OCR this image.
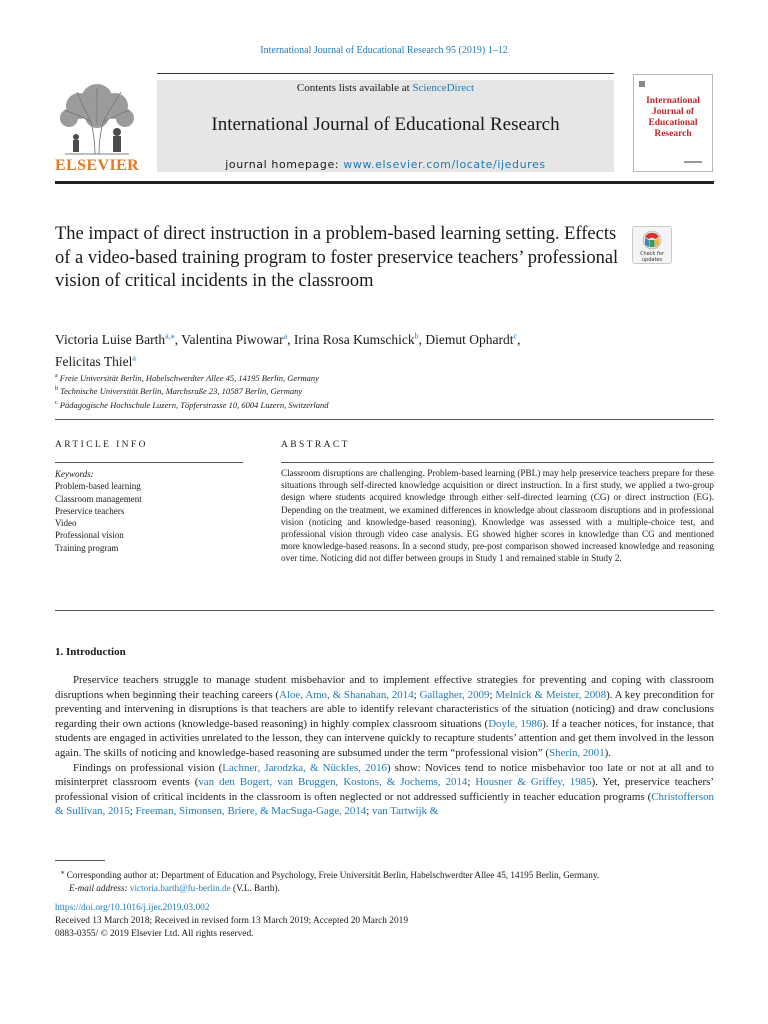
International Journal of Educational Research 95 (2019) 1–12
ELSEVIER
Contents lists available at ScienceDirect
International Journal of Educational Research
journal homepage: www.elsevier.com/locate/ijedures
International Journal of Educational Research
The impact of direct instruction in a problem-based learning setting. Effects of a video-based training program to foster preservice teachers’ professional vision of critical incidents in the classroom
Check for
updates
Victoria Luise Barth$^{a,⁎}$, Valentina Piwowar$^a$, Irina Rosa Kumschick$^b$, Diemut Ophardt$^c$,
Felicitas Thiel$^a$
$^a$ Freie Universität Berlin, Habelschwerdter Allee 45, 14195 Berlin, Germany
$^b$ Technische Universität Berlin, Marchsraße 23, 10587 Berlin, Germany
$^c$ Pädagogische Hochschule Luzern, Töpferstrasse 10, 6004 Luzern, Switzerland
ARTICLE INFO	ABSTRACT
Keywords:
Problem-based learning
Classroom management
Preservice teachers
Video
Professional vision
Training program
Classroom disruptions are challenging. Problem-based learning (PBL) may help preservice teachers prepare for these situations through self-directed knowledge acquisition or direct instruction. In a first study, we applied a two-group design where students acquired knowledge through either self-directed learning (CG) or direct instruction (EG). Depending on the treatment, we examined differences in knowledge about classroom disruptions and in professional vision (noticing and knowledge-based reasoning). Knowledge was assessed with a multiple-choice test, and professional vision through video case analysis. EG showed higher scores in knowledge than CG and mentioned more knowledge-based reasons. In a second study, pre-post comparison showed increased knowledge and reasoning over time. Noticing did not differ between groups in Study 1 and remained stable in Study 2.
1. Introduction

Preservice teachers struggle to manage student misbehavior and to implement effective strategies for preventing and coping with classroom disruptions when beginning their teaching careers (Aloe, Amo, & Shanahan, 2014; Gallagher, 2009; Melnick & Meister, 2008). A key precondition for preventing and intervening in disruptions is that teachers are able to identify relevant characteristics of the situation (noticing) and draw conclusions regarding their own actions (knowledge-based reasoning) in highly complex classroom situations (Doyle, 1986). If a teacher notices, for instance, that students are engaged in activities unrelated to the lesson, they can intervene quickly to recapture students’ attention and get them involved in the lesson again. The skills of noticing and knowledge-based reasoning are subsumed under the term “professional vision” (Sherin, 2001).

Findings on professional vision (Lachner, Jarodzka, & Nückles, 2016) show: Novices tend to notice misbehavior too late or not at all and to misinterpret classroom events (van den Bogert, van Bruggen, Kostons, & Jochems, 2014; Housner & Griffey, 1985). Yet, preservice teachers’ professional vision of critical incidents in the classroom is often neglected or not addressed sufficiently in teacher education programs (Christofferson & Sullivan, 2015; Freeman, Simonsen, Briere, & MacSuga-Gage, 2014; van Tartwijk &

⁎ Corresponding author at: Department of Education and Psychology, Freie Universität Berlin, Habelschwerdter Allee 45, 14195 Berlin, Germany.
E-mail address: victoria.barth@fu-berlin.de (V.L. Barth).
https://doi.org/10.1016/j.ijer.2019.03.002
Received 13 March 2018; Received in revised form 13 March 2019; Accepted 20 March 2019
0883-0355/ © 2019 Elsevier Ltd. All rights reserved.
